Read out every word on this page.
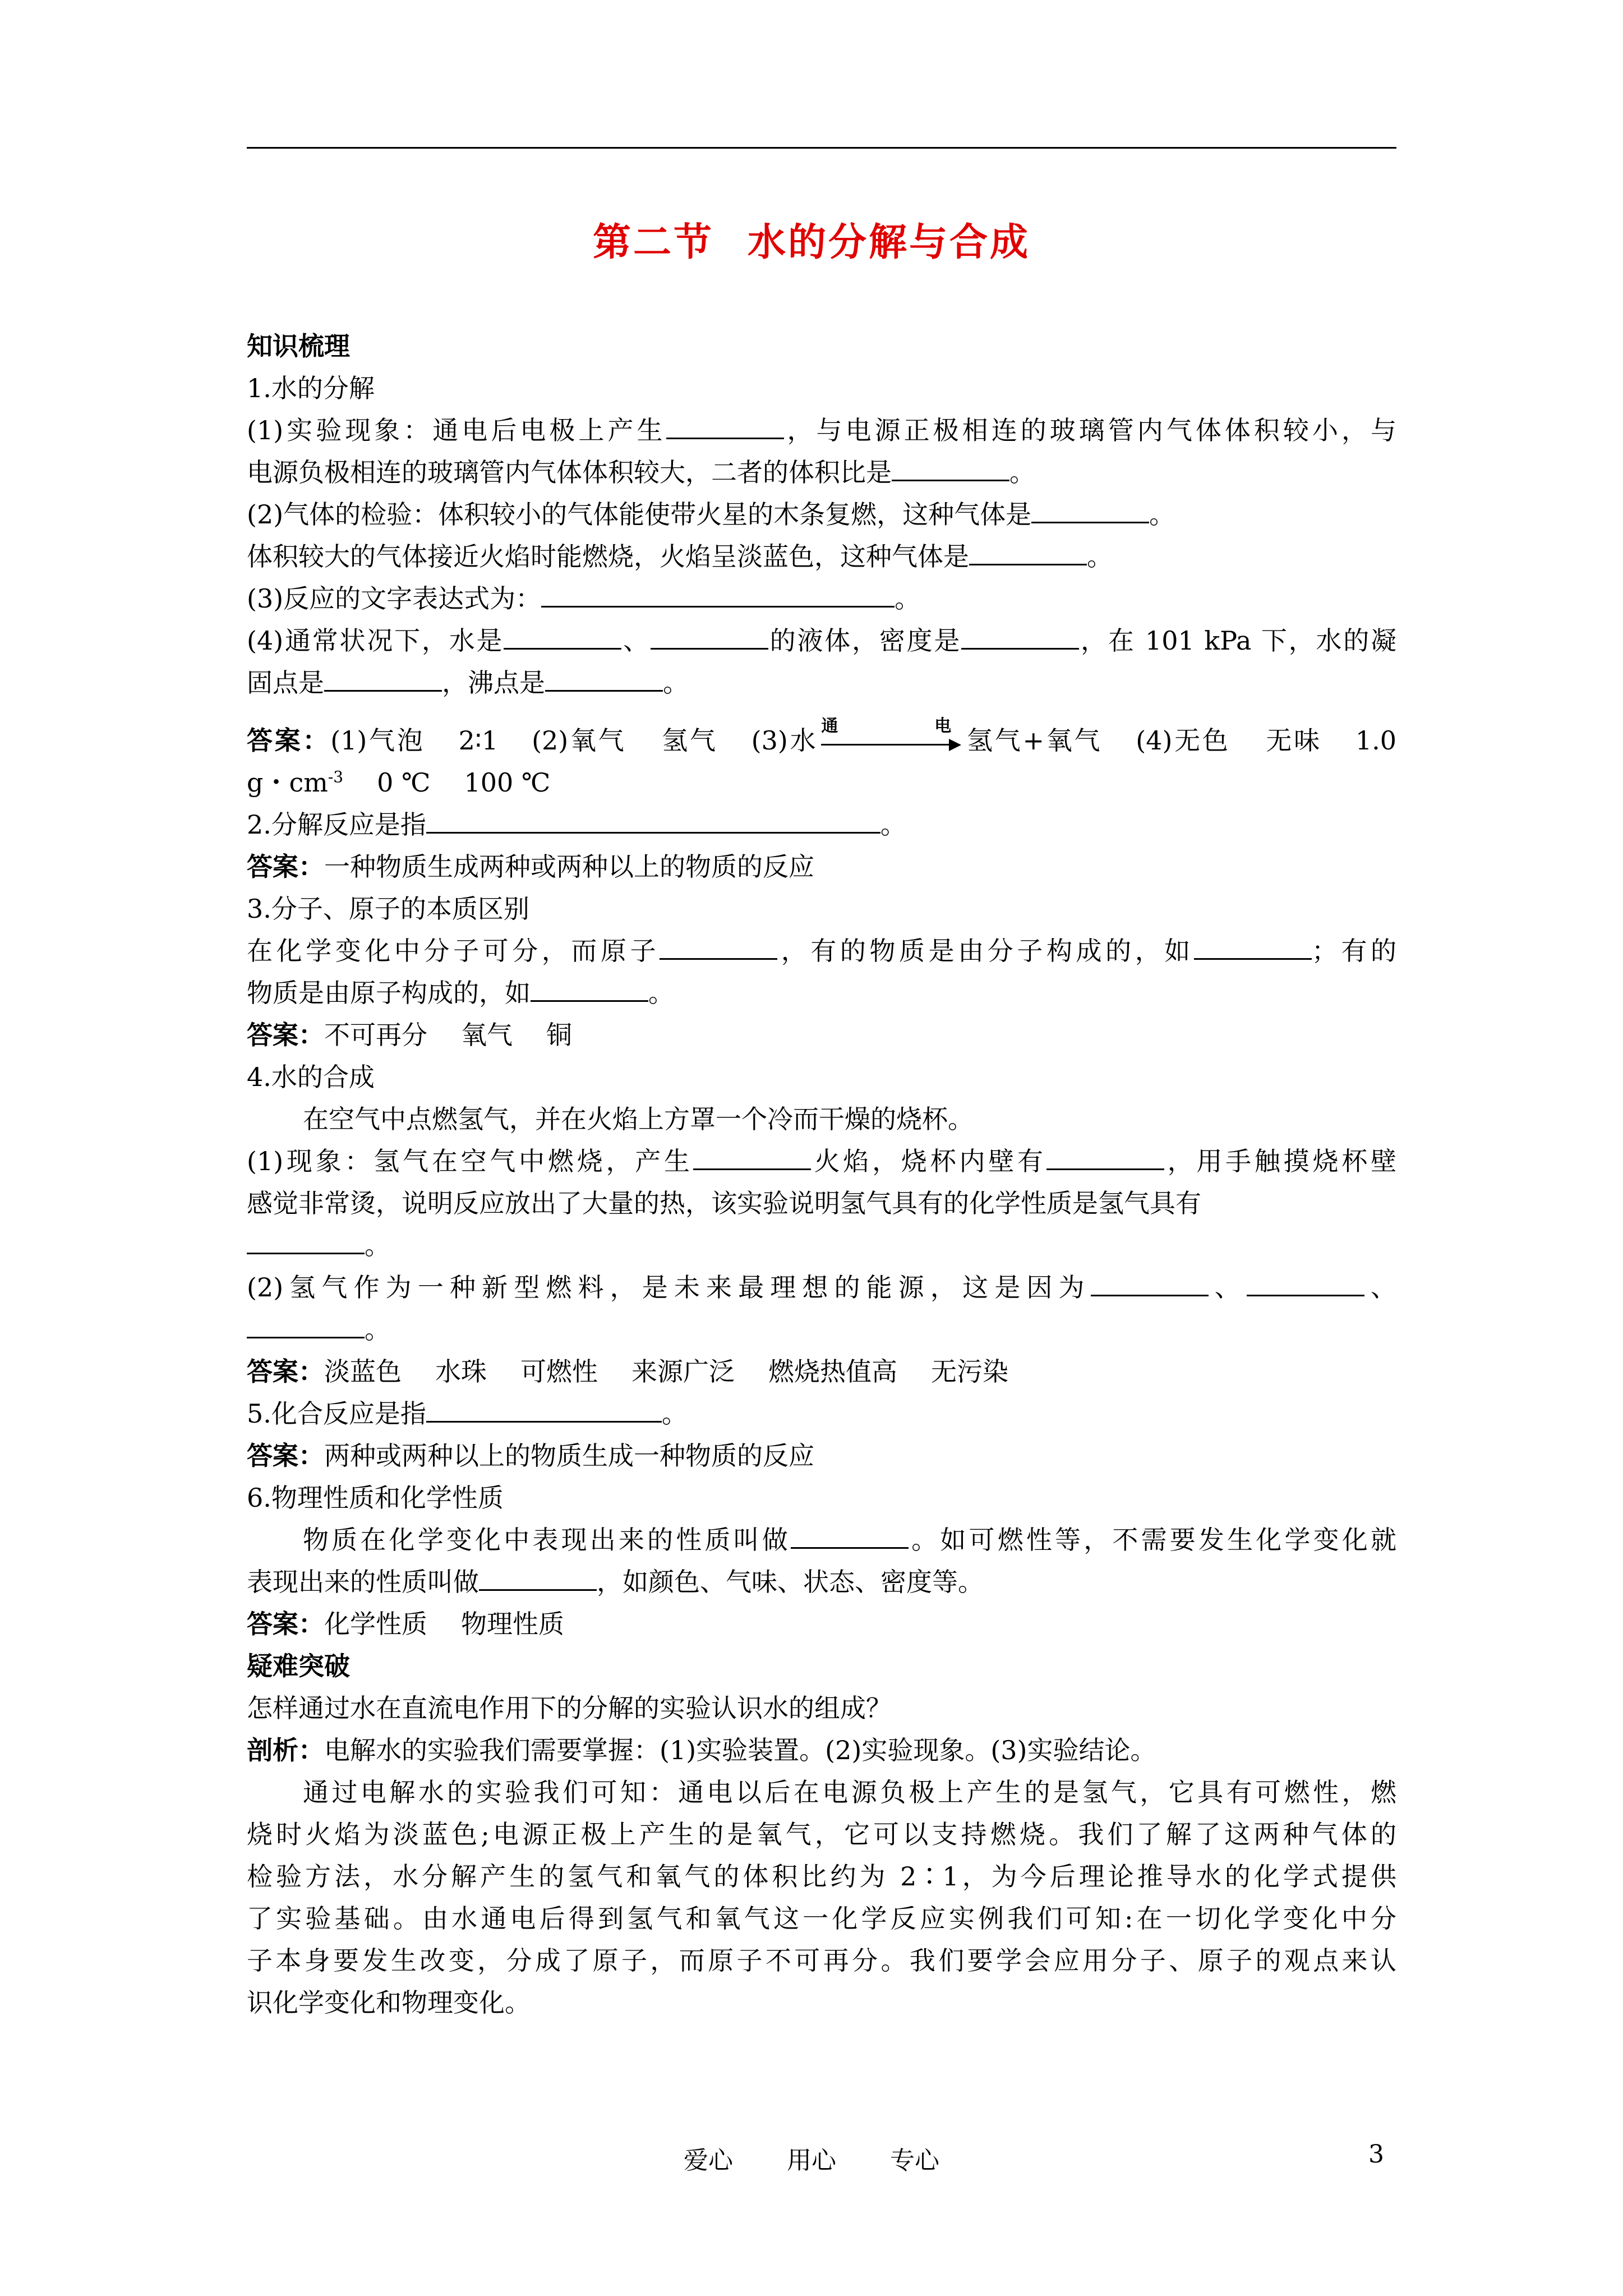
第二节 水的分解与合成

知识梳理

1.水的分解

(1)实验现象：通电后电极上产生	，与电源正极相连的玻璃管内气体体积较小，与

电源负极相连的玻璃管内气体体积较大，二者的体积比是	。

(2)气体的检验：体积较小的气体能使带火星的木条复燃，这种气体是	。

体积较大的气体接近火焰时能燃烧，火焰呈淡蓝色，这种气体是	。

(3)反应的文字表达式为：	。

(4)通常状况下，水是	、	的液体，密度是	，在 101 kPa 下，水的凝

固点是	，沸点是	。

答案：(1)气泡 2∶1 (2)氧气 氢气 (3)水 通电 氢气+氧气 (4)无色 无味 1.0

g・$cm^{-3}$ 0 ℃ 100 ℃

2.分解反应是指	。

答案：一种物质生成两种或两种以上的物质的反应

3.分子、原子的本质区别

在化学变化中分子可分，而原子	，有的物质是由分子构成的，如	；有的

物质是由原子构成的，如	。

答案：不可再分 氧气 铜

4.水的合成

在空气中点燃氢气，并在火焰上方罩一个冷而干燥的烧杯。

(1)现象：氢气在空气中燃烧，产生	火焰，烧杯内壁有	，用手触摸烧杯壁

感觉非常烫，说明反应放出了大量的热，该实验说明氢气具有的化学性质是氢气具有

。

(2)氢气作为一种新型燃料，是未来最理想的能源，这是因为	、	、

。

答案：淡蓝色 水珠 可燃性 来源广泛 燃烧热值高 无污染

5.化合反应是指	。

答案：两种或两种以上的物质生成一种物质的反应

6.物理性质和化学性质

物质在化学变化中表现出来的性质叫做	。如可燃性等，不需要发生化学变化就

表现出来的性质叫做	，如颜色、气味、状态、密度等。

答案：化学性质 物理性质

疑难突破

怎样通过水在直流电作用下的分解的实验认识水的组成？

剖析：电解水的实验我们需要掌握：(1)实验装置。(2)实验现象。(3)实验结论。

通过电解水的实验我们可知：通电以后在电源负极上产生的是氢气，它具有可燃性，燃

烧时火焰为淡蓝色;电源正极上产生的是氧气，它可以支持燃烧。我们了解了这两种气体的

检验方法，水分解产生的氢气和氧气的体积比约为 2∶1，为今后理论推导水的化学式提供

了实验基础。由水通电后得到氢气和氧气这一化学反应实例我们可知:在一切化学变化中分

子本身要发生改变，分成了原子，而原子不可再分。我们要学会应用分子、原子的观点来认

识化学变化和物理变化。

爱心 用心 专心	3
